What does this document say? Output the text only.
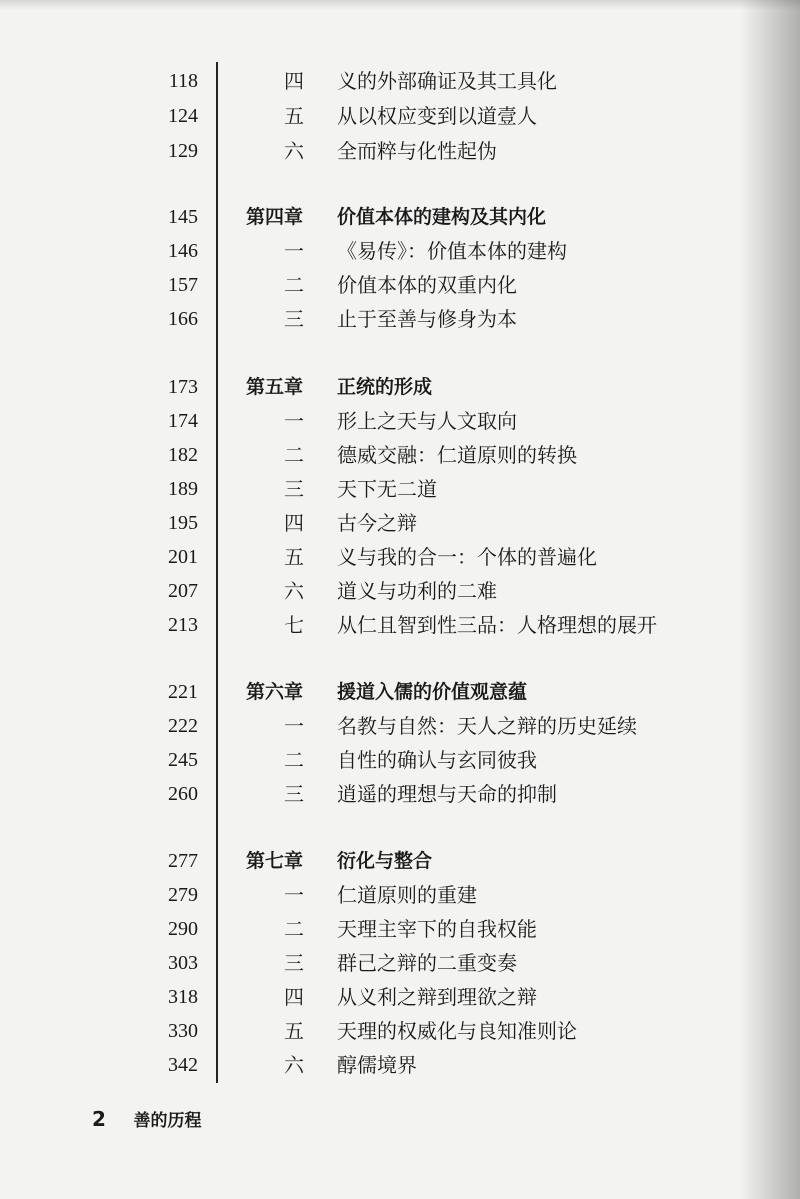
118	四 义的外部确证及其工具化
124	五 从以权应变到以道壹人
129	六 全而粹与化性起伪
145	第四章 价值本体的建构及其内化
146	一 《易传》：价值本体的建构
157	二 价值本体的双重内化
166	三 止于至善与修身为本
173	第五章 正统的形成
174	一 形上之天与人文取向
182	二 德威交融：仁道原则的转换
189	三 天下无二道
195	四 古今之辩
201	五 义与我的合一：个体的普遍化
207	六 道义与功利的二难
213	七 从仁且智到性三品：人格理想的展开
221	第六章 援道入儒的价值观意蕴
222	一 名教与自然：天人之辩的历史延续
245	二 自性的确认与玄同彼我
260	三 逍遥的理想与天命的抑制
277	第七章 衍化与整合
279	一 仁道原则的重建
290	二 天理主宰下的自我权能
303	三 群己之辩的二重变奏
318	四 从义利之辩到理欲之辩
330	五 天理的权威化与良知准则论
342	六 醇儒境界
2 善的历程
